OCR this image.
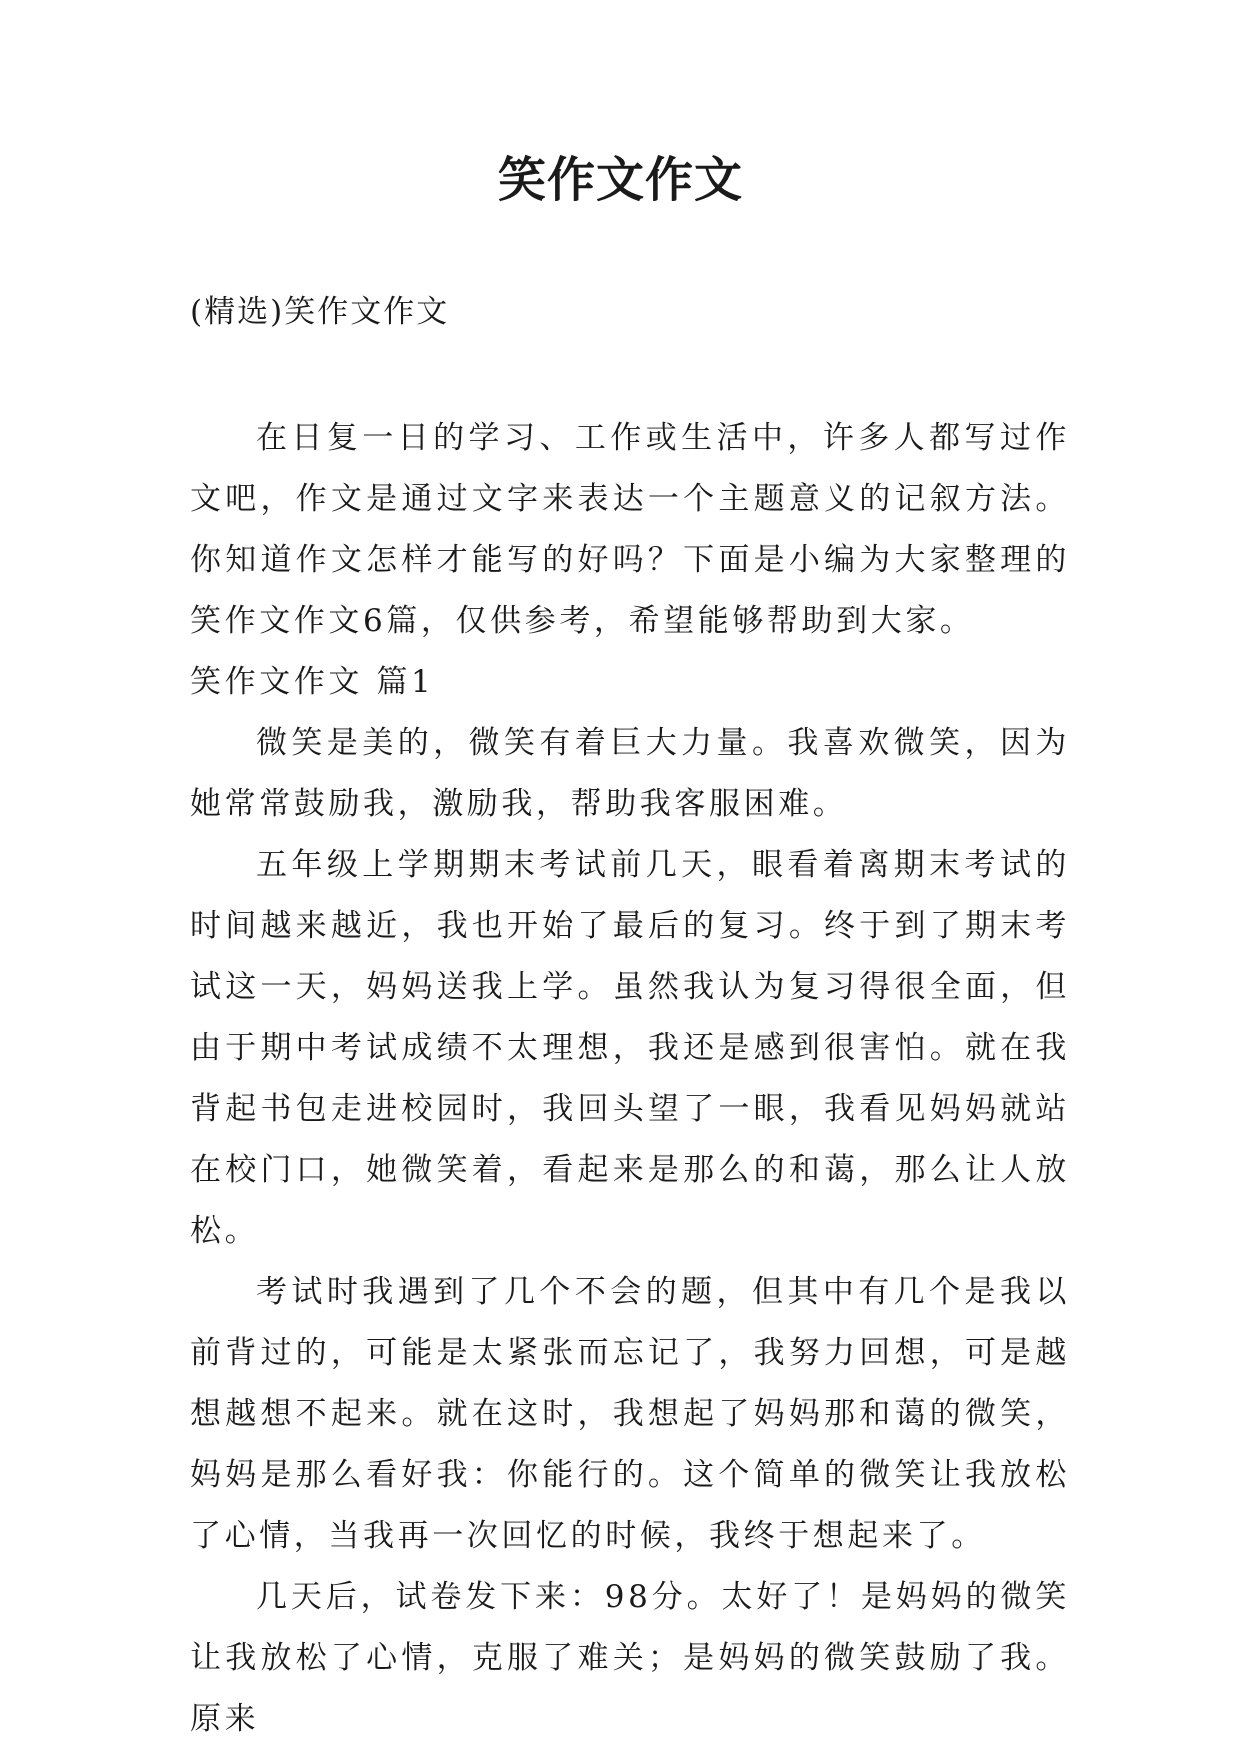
笑作文作文
(精选)笑作文作文

在日复一日的学习、工作或生活中，许多人都写过作文吧，作文是通过文字来表达一个主题意义的记叙方法。你知道作文怎样才能写的好吗？下面是小编为大家整理的笑作文作文6篇，仅供参考，希望能够帮助到大家。

笑作文作文 篇1

微笑是美的，微笑有着巨大力量。我喜欢微笑，因为她常常鼓励我，激励我，帮助我客服困难。

五年级上学期期末考试前几天，眼看着离期末考试的时间越来越近，我也开始了最后的复习。终于到了期末考试这一天，妈妈送我上学。虽然我认为复习得很全面，但由于期中考试成绩不太理想，我还是感到很害怕。就在我背起书包走进校园时，我回头望了一眼，我看见妈妈就站在校门口，她微笑着，看起来是那么的和蔼，那么让人放松。

考试时我遇到了几个不会的题，但其中有几个是我以前背过的，可能是太紧张而忘记了，我努力回想，可是越想越想不起来。就在这时，我想起了妈妈那和蔼的微笑，妈妈是那么看好我：你能行的。这个简单的微笑让我放松了心情，当我再一次回忆的时候，我终于想起来了。

几天后，试卷发下来：98分。太好了！是妈妈的微笑让我放松了心情，克服了难关；是妈妈的微笑鼓励了我。原来
